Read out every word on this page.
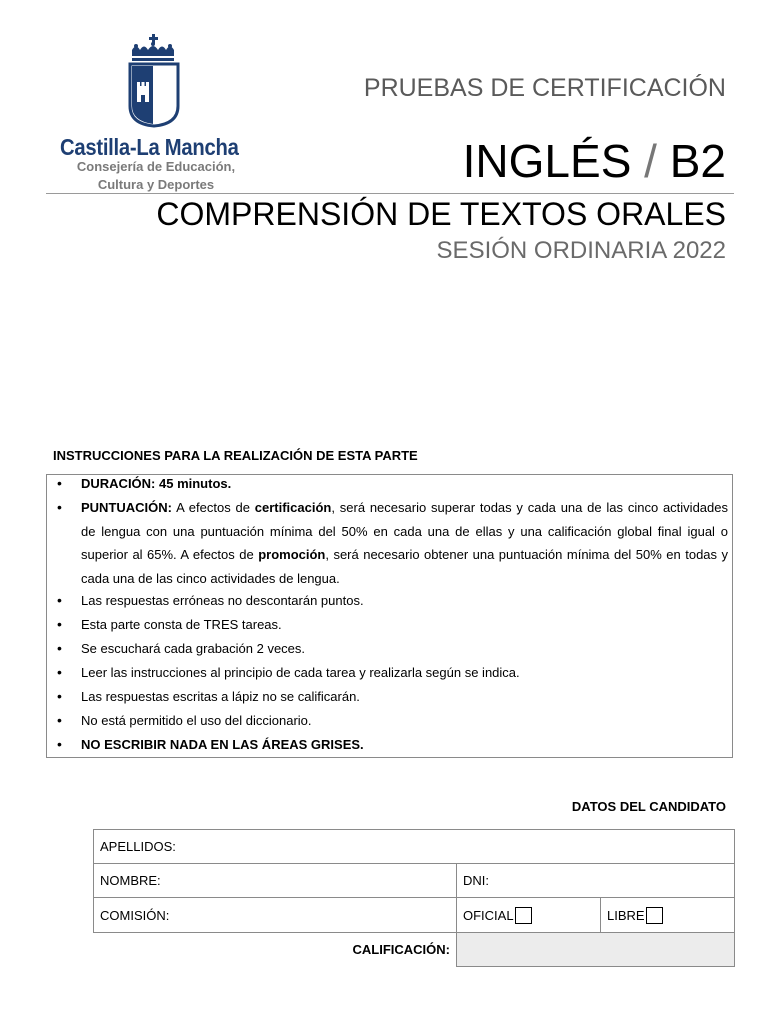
Castilla-La Mancha
Consejería de Educación,
Cultura y Deportes
PRUEBAS DE CERTIFICACIÓN
INGLÉS / B2
COMPRENSIÓN DE TEXTOS ORALES
SESIÓN ORDINARIA 2022
INSTRUCCIONES PARA LA REALIZACIÓN DE ESTA PARTE
• DURACIÓN: 45 minutos.
• PUNTUACIÓN: A efectos de certificación, será necesario superar todas y cada una de las cinco actividades de lengua con una puntuación mínima del 50% en cada una de ellas y una calificación global final igual o superior al 65%. A efectos de promoción, será necesario obtener una puntuación mínima del 50% en todas y cada una de las cinco actividades de lengua.
• Las respuestas erróneas no descontarán puntos.
• Esta parte consta de TRES tareas.
• Se escuchará cada grabación 2 veces.
• Leer las instrucciones al principio de cada tarea y realizarla según se indica.
• Las respuestas escritas a lápiz no se calificarán.
• No está permitido el uso del diccionario.
• NO ESCRIBIR NADA EN LAS ÁREAS GRISES.
DATOS DEL CANDIDATO
APELLIDOS:	
NOMBRE:	DNI:
COMISIÓN:	OFICIAL LIBRE

CALIFICACIÓN:	
